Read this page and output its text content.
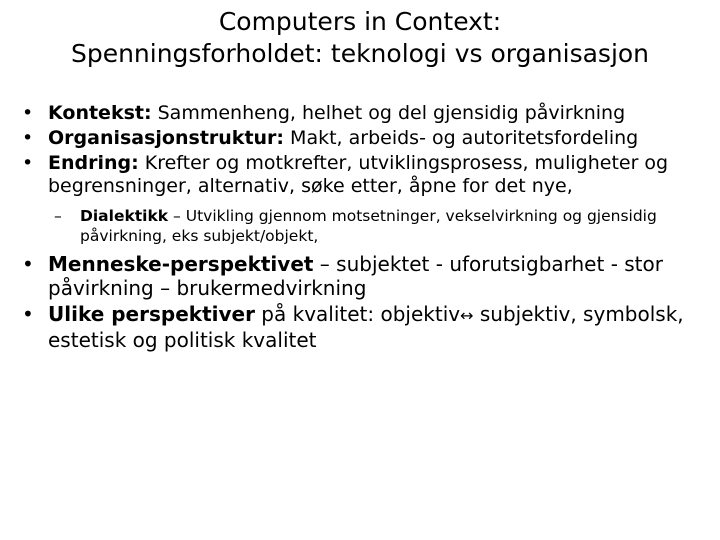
Computers in Context:
Spenningsforholdet: teknologi vs organisasjon
• Kontekst: Sammenheng, helhet og del gjensidig påvirkning
• Organisasjonstruktur: Makt, arbeids- og autoritetsfordeling
• Endring: Krefter og motkrefter, utviklingsprosess, muligheter og begrensninger, alternativ, søke etter, åpne for det nye,
– Dialektikk – Utvikling gjennom motsetninger, vekselvirkning og gjensidig påvirkning, eks subjekt/objekt,
• Menneske-perspektivet – subjektet - uforutsigbarhet - stor påvirkning – brukermedvirkning
• Ulike perspektiver på kvalitet: objektiv↔ subjektiv, symbolsk, estetisk og politisk kvalitet
